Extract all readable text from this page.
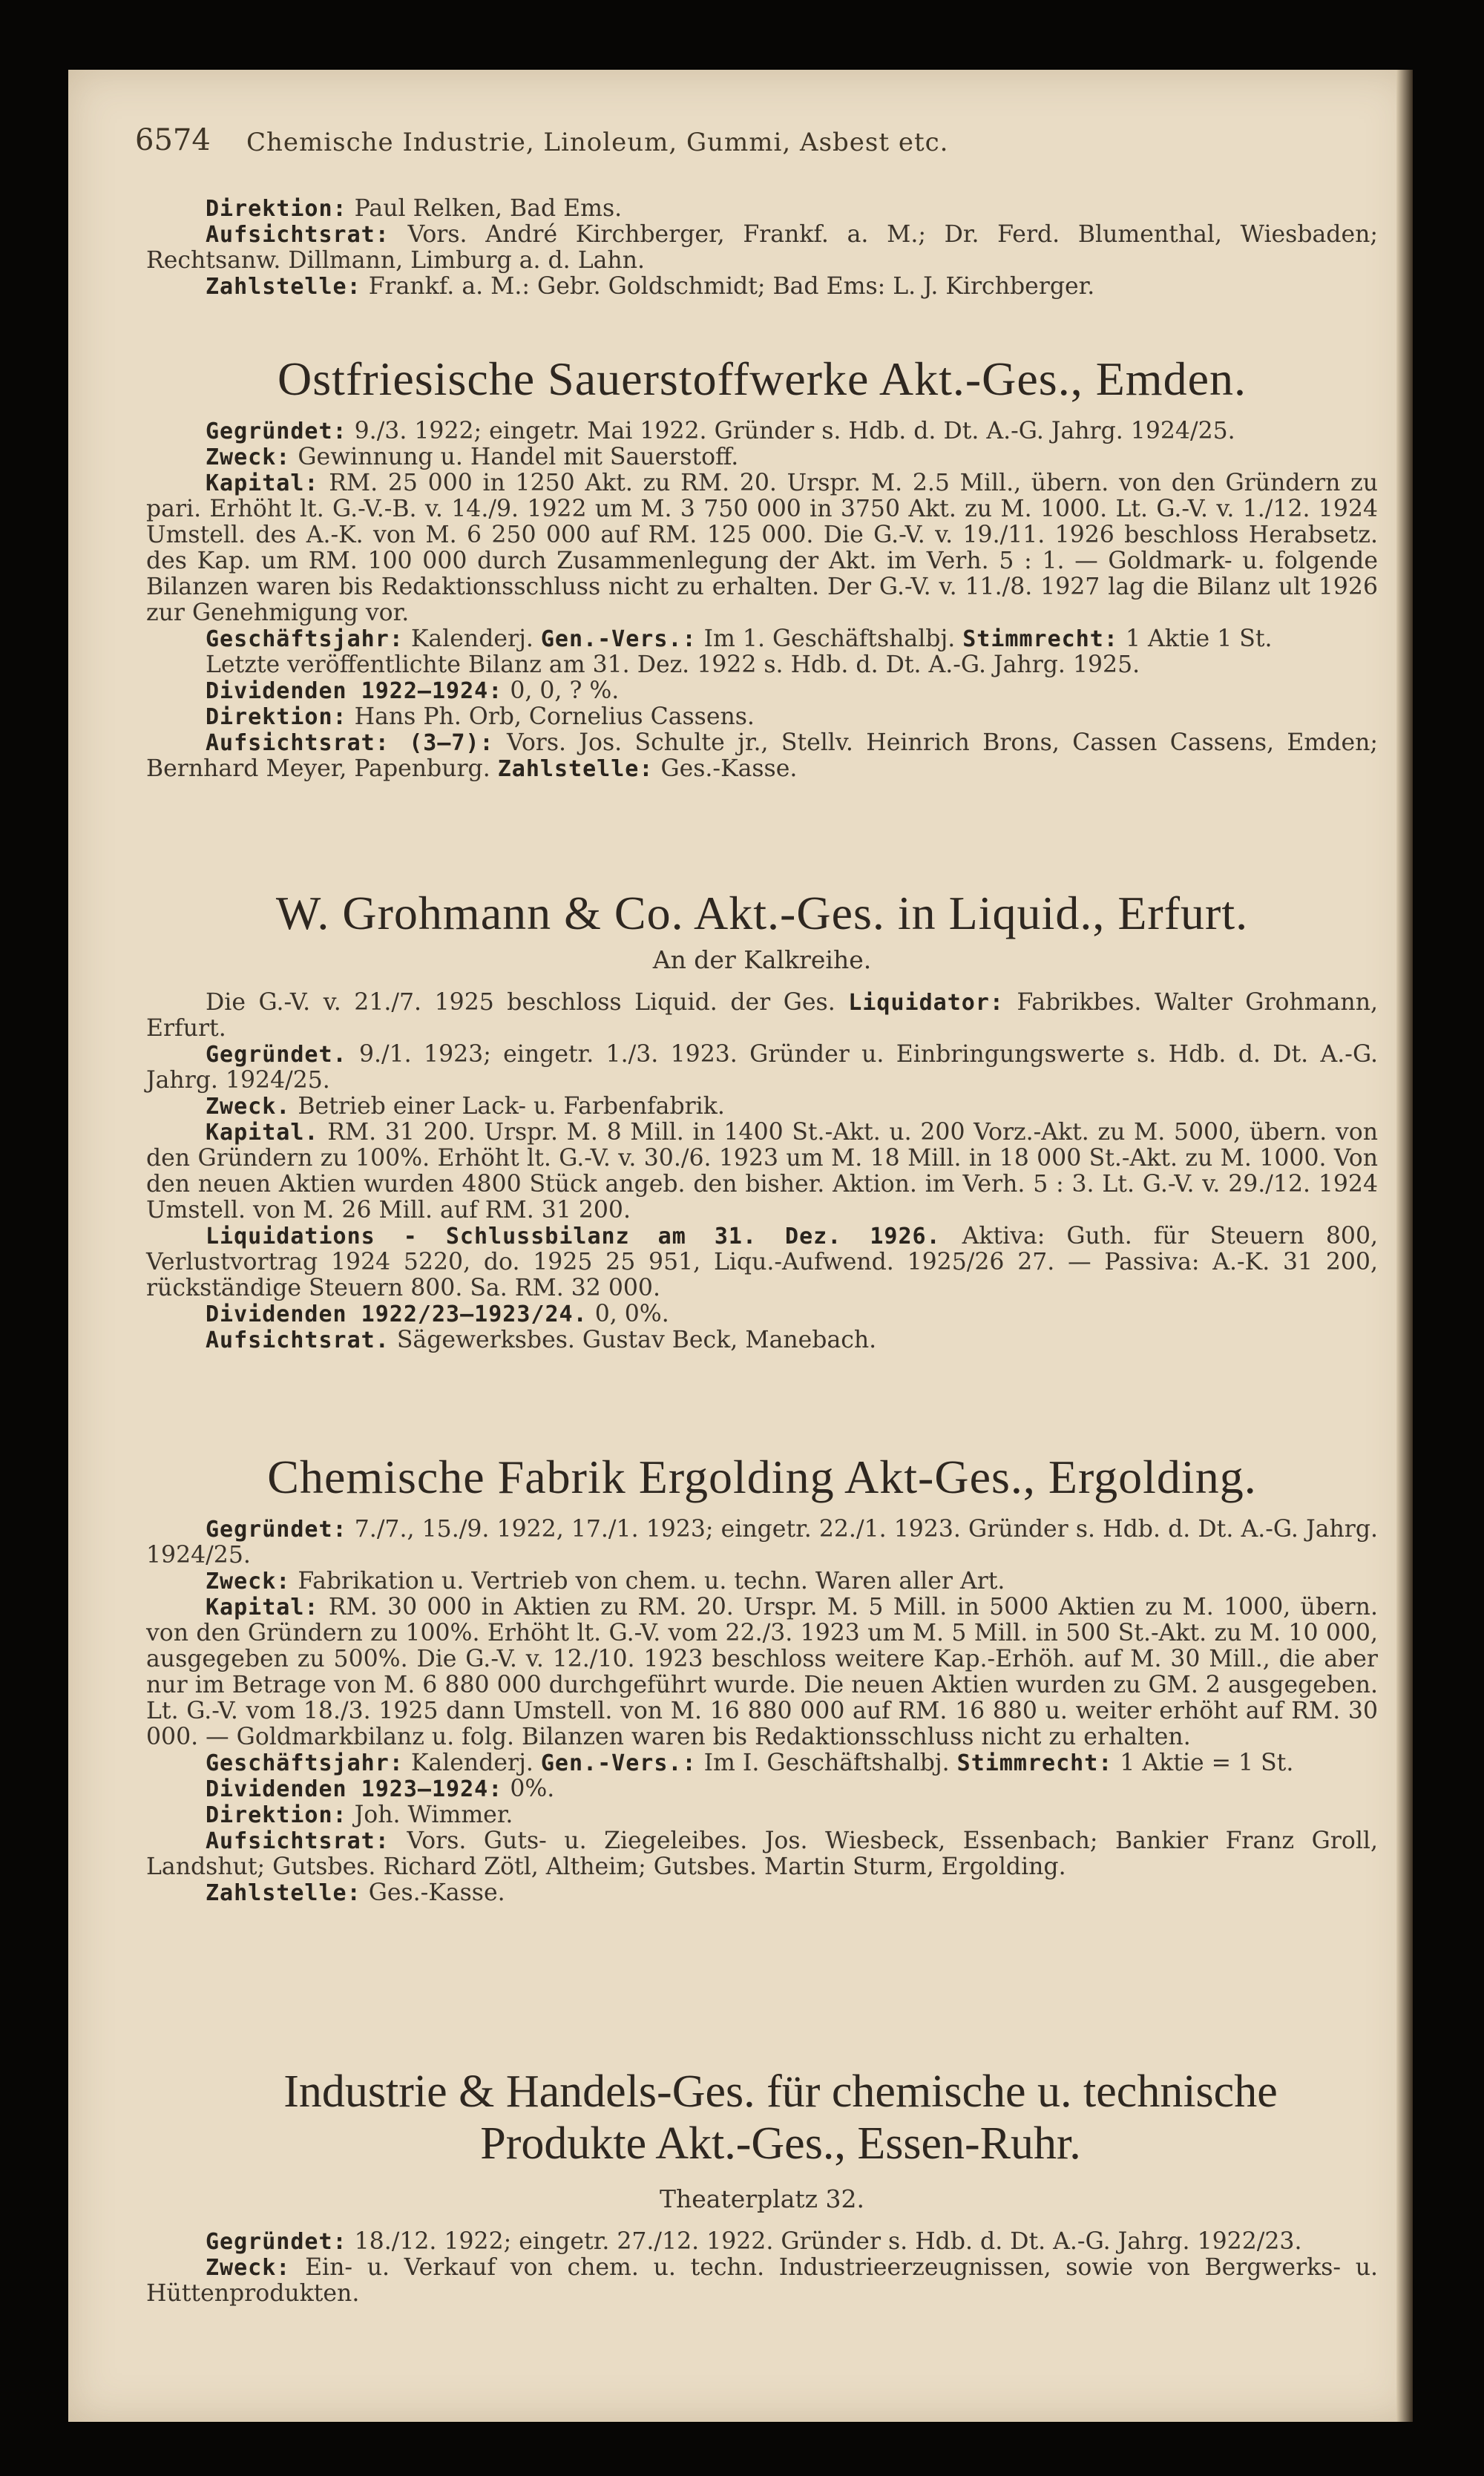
6574 Chemische Industrie, Linoleum, Gummi, Asbest etc.

Direktion: Paul Relken, Bad Ems.

Aufsichtsrat: Vors. André Kirchberger, Frankf. a. M.; Dr. Ferd. Blumenthal, Wiesbaden; Rechtsanw. Dillmann, Limburg a. d. Lahn.

Zahlstelle: Frankf. a. M.: Gebr. Goldschmidt; Bad Ems: L. J. Kirchberger.

Ostfriesische Sauerstoffwerke Akt.-Ges., Emden.

Gegründet: 9./3. 1922; eingetr. Mai 1922. Gründer s. Hdb. d. Dt. A.-G. Jahrg. 1924/25.

Zweck: Gewinnung u. Handel mit Sauerstoff.

Kapital: RM. 25 000 in 1250 Akt. zu RM. 20. Urspr. M. 2.5 Mill., übern. von den Gründern zu pari. Erhöht lt. G.-V.-B. v. 14./9. 1922 um M. 3 750 000 in 3750 Akt. zu M. 1000. Lt. G.-V. v. 1./12. 1924 Umstell. des A.-K. von M. 6 250 000 auf RM. 125 000. Die G.-V. v. 19./11. 1926 beschloss Herabsetz. des Kap. um RM. 100 000 durch Zusammenlegung der Akt. im Verh. 5 : 1. — Goldmark- u. folgende Bilanzen waren bis Redaktionsschluss nicht zu erhalten. Der G.-V. v. 11./8. 1927 lag die Bilanz ult 1926 zur Genehmigung vor.

Geschäftsjahr: Kalenderj. Gen.-Vers.: Im 1. Geschäftshalbj. Stimmrecht: 1 Aktie 1 St.

Letzte veröffentlichte Bilanz am 31. Dez. 1922 s. Hdb. d. Dt. A.-G. Jahrg. 1925.

Dividenden 1922—1924: 0, 0, ? %.

Direktion: Hans Ph. Orb, Cornelius Cassens.

Aufsichtsrat: (3—7): Vors. Jos. Schulte jr., Stellv. Heinrich Brons, Cassen Cassens, Emden; Bernhard Meyer, Papenburg. Zahlstelle: Ges.-Kasse.

W. Grohmann & Co. Akt.-Ges. in Liquid., Erfurt.
An der Kalkreihe.

Die G.-V. v. 21./7. 1925 beschloss Liquid. der Ges. Liquidator: Fabrikbes. Walter Grohmann, Erfurt.

Gegründet. 9./1. 1923; eingetr. 1./3. 1923. Gründer u. Einbringungswerte s. Hdb. d. Dt. A.-G. Jahrg. 1924/25.

Zweck. Betrieb einer Lack- u. Farbenfabrik.

Kapital. RM. 31 200. Urspr. M. 8 Mill. in 1400 St.-Akt. u. 200 Vorz.-Akt. zu M. 5000, übern. von den Gründern zu 100%. Erhöht lt. G.-V. v. 30./6. 1923 um M. 18 Mill. in 18 000 St.-Akt. zu M. 1000. Von den neuen Aktien wurden 4800 Stück angeb. den bisher. Aktion. im Verh. 5 : 3. Lt. G.-V. v. 29./12. 1924 Umstell. von M. 26 Mill. auf RM. 31 200.

Liquidations - Schlussbilanz am 31. Dez. 1926. Aktiva: Guth. für Steuern 800, Verlustvortrag 1924 5220, do. 1925 25 951, Liqu.-Aufwend. 1925/26 27. — Passiva: A.-K. 31 200, rückständige Steuern 800. Sa. RM. 32 000.

Dividenden 1922/23—1923/24. 0, 0%.

Aufsichtsrat. Sägewerksbes. Gustav Beck, Manebach.

Chemische Fabrik Ergolding Akt-Ges., Ergolding.

Gegründet: 7./7., 15./9. 1922, 17./1. 1923; eingetr. 22./1. 1923. Gründer s. Hdb. d. Dt. A.-G. Jahrg. 1924/25.

Zweck: Fabrikation u. Vertrieb von chem. u. techn. Waren aller Art.

Kapital: RM. 30 000 in Aktien zu RM. 20. Urspr. M. 5 Mill. in 5000 Aktien zu M. 1000, übern. von den Gründern zu 100%. Erhöht lt. G.-V. vom 22./3. 1923 um M. 5 Mill. in 500 St.-Akt. zu M. 10 000, ausgegeben zu 500%. Die G.-V. v. 12./10. 1923 beschloss weitere Kap.-Erhöh. auf M. 30 Mill., die aber nur im Betrage von M. 6 880 000 durchgeführt wurde. Die neuen Aktien wurden zu GM. 2 ausgegeben. Lt. G.-V. vom 18./3. 1925 dann Umstell. von M. 16 880 000 auf RM. 16 880 u. weiter erhöht auf RM. 30 000. — Goldmarkbilanz u. folg. Bilanzen waren bis Redaktionsschluss nicht zu erhalten.

Geschäftsjahr: Kalenderj. Gen.-Vers.: Im I. Geschäftshalbj. Stimmrecht: 1 Aktie = 1 St.

Dividenden 1923—1924: 0%.

Direktion: Joh. Wimmer.

Aufsichtsrat: Vors. Guts- u. Ziegeleibes. Jos. Wiesbeck, Essenbach; Bankier Franz Groll, Landshut; Gutsbes. Richard Zötl, Altheim; Gutsbes. Martin Sturm, Ergolding.

Zahlstelle: Ges.-Kasse.

Industrie & Handels-Ges. für chemische u. technische
Produkte Akt.-Ges., Essen-Ruhr.
Theaterplatz 32.

Gegründet: 18./12. 1922; eingetr. 27./12. 1922. Gründer s. Hdb. d. Dt. A.-G. Jahrg. 1922/23.

Zweck: Ein- u. Verkauf von chem. u. techn. Industrieerzeugnissen, sowie von Bergwerks- u. Hüttenprodukten.
